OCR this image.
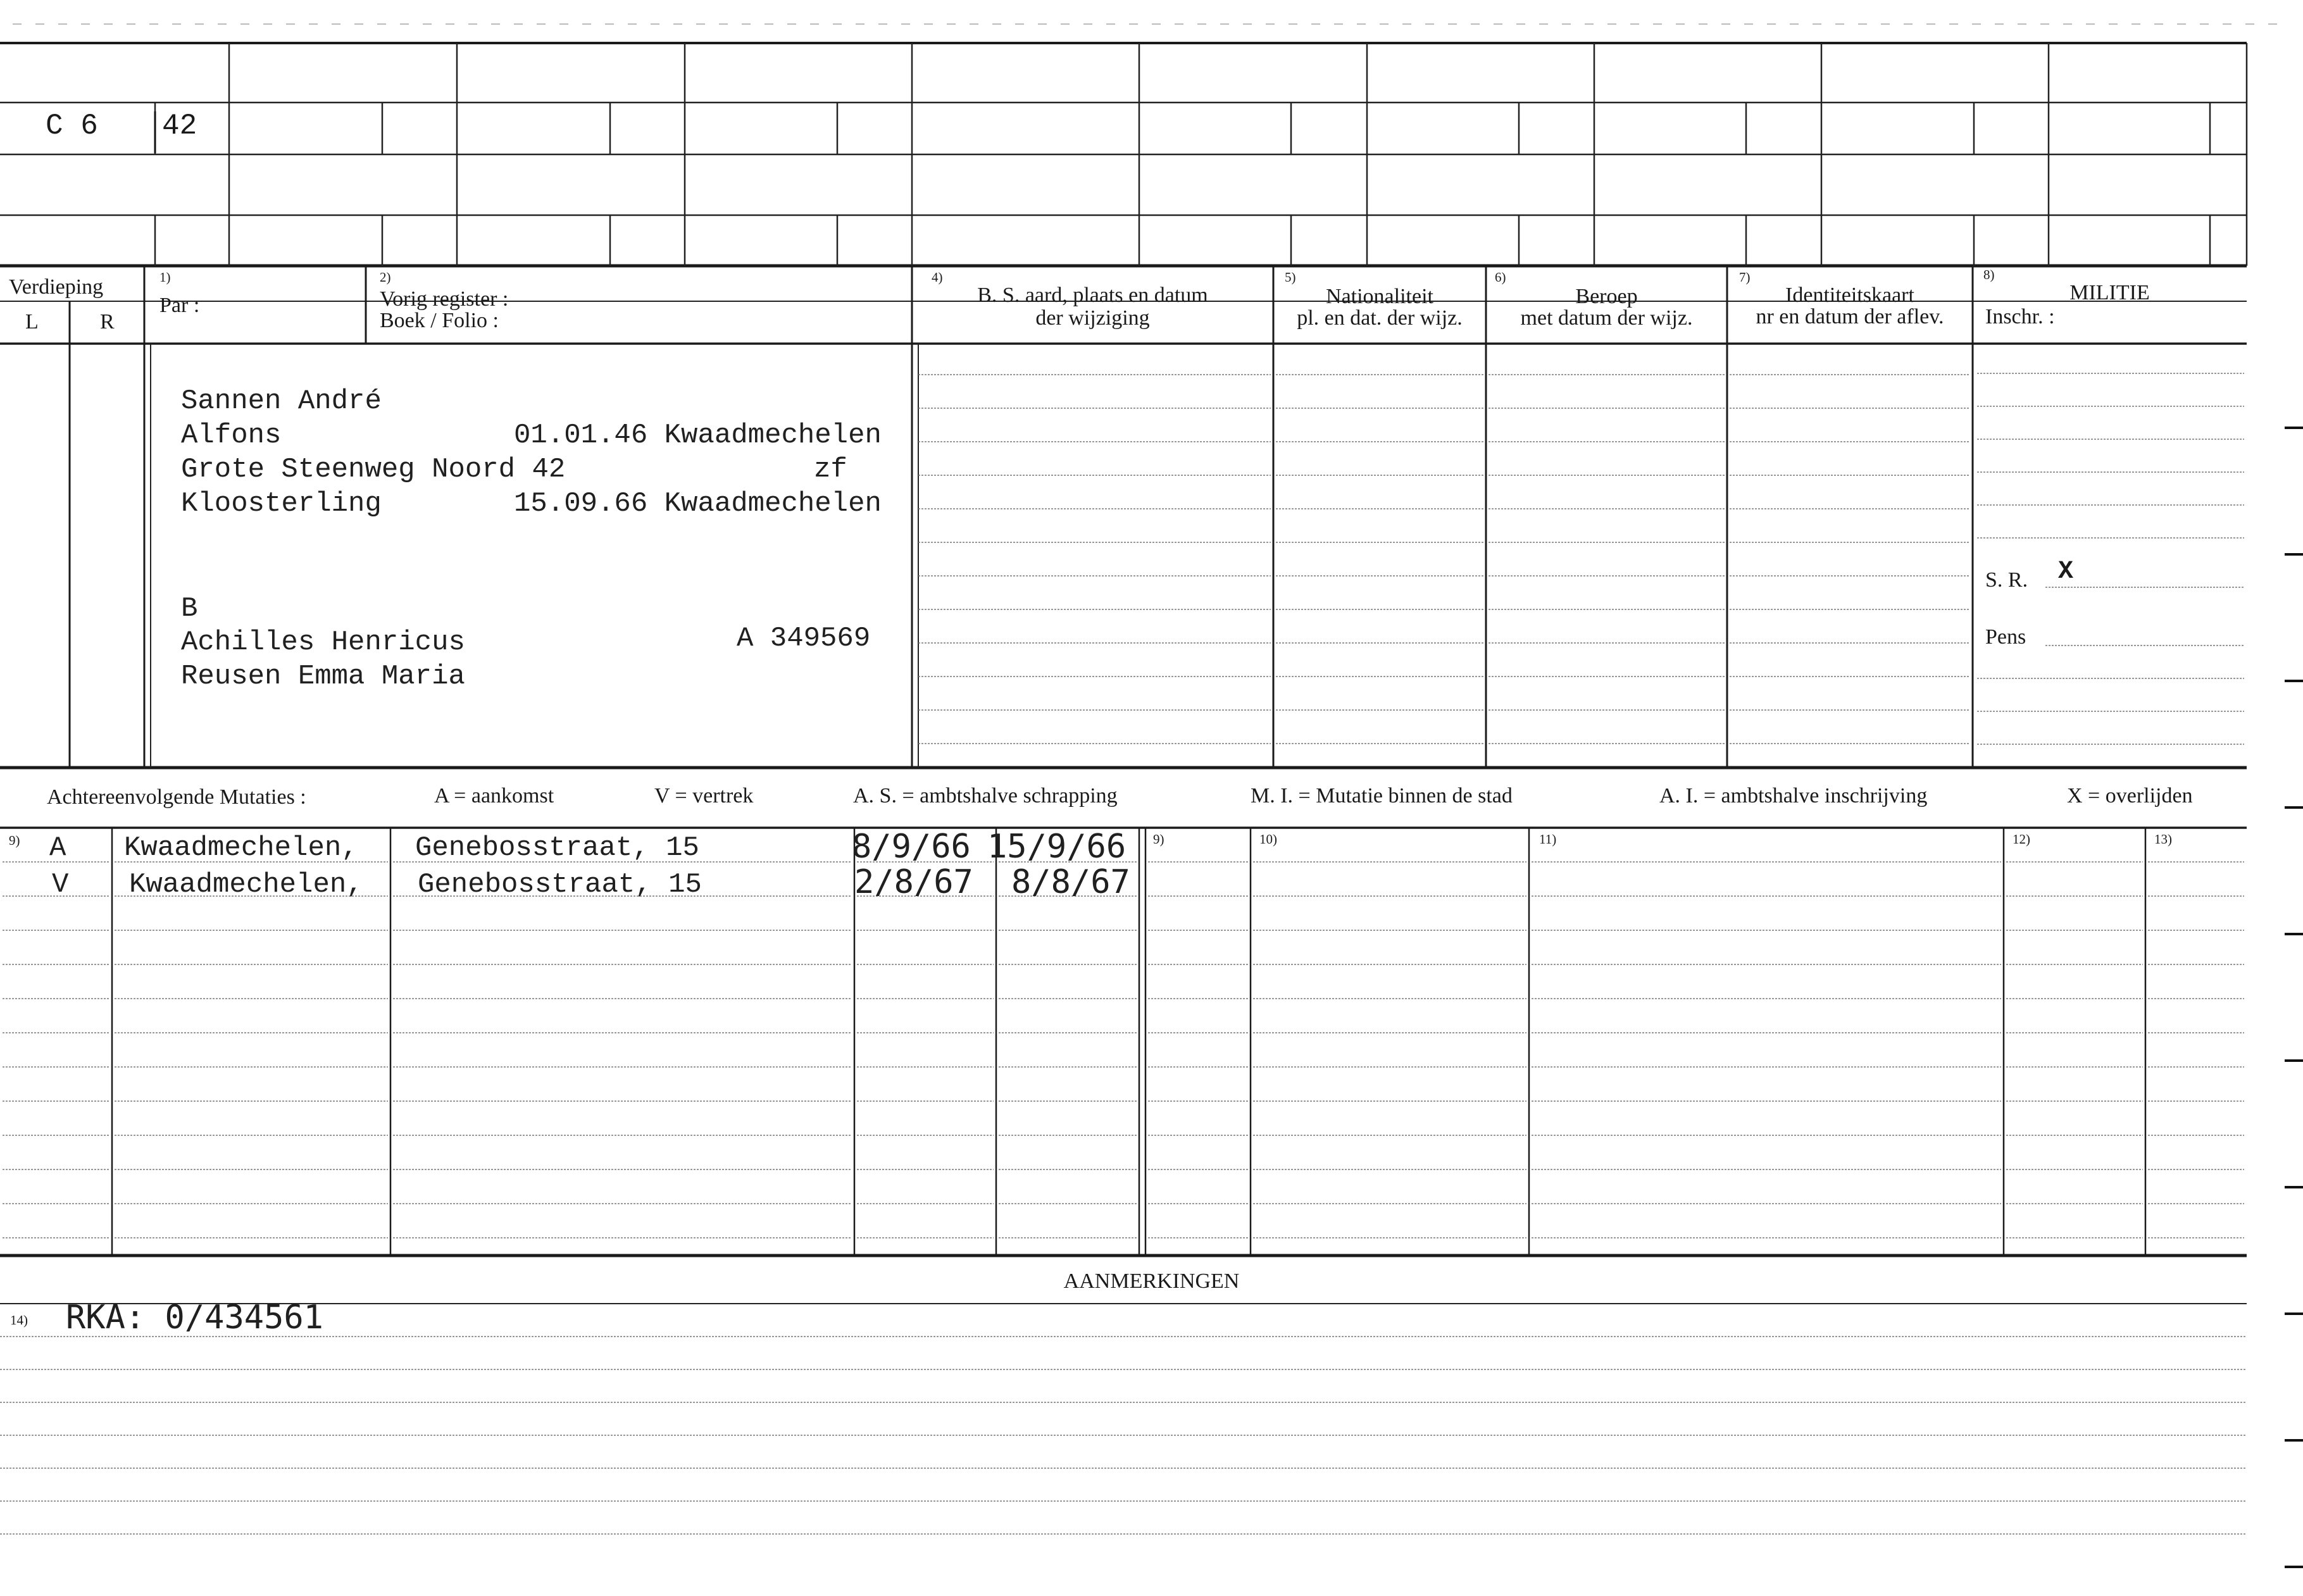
C 6 42
Verdieping
L	R
1)
Par :
2)
Vorig register :
Boek / Folio :
4)
B. S. aard, plaats en datum
der wijziging
5)
Nationaliteit
pl. en dat. der wijz.
6)
Beroep
met datum der wijz.
7)
Identiteitskaart
nr en datum der aflev.
8)
MILITIE
Inschr. :
S. R. X
Pens
Sannen André
Alfons	01.01.46 Kwaadmechelen
Grote Steenweg Noord 42	zf
Kloosterling	15.09.66 Kwaadmechelen
B
Achilles Henricus	A 349569
Reusen Emma Maria
Achtereenvolgende Mutaties :	A = aankomst	V = vertrek	A. S. = ambtshalve schrapping	M. I. = Mutatie binnen de stad	A. I. = ambtshalve inschrijving	X = overlijden
9)	9)	10)	11)	12)	13)
A Kwaadmechelen, Genebosstraat, 15	8/9/66 15/9/66
V Kwaadmechelen, Genebosstraat, 15	2/8/67 8/8/67
AANMERKINGEN
14) RKA: 0/434561
